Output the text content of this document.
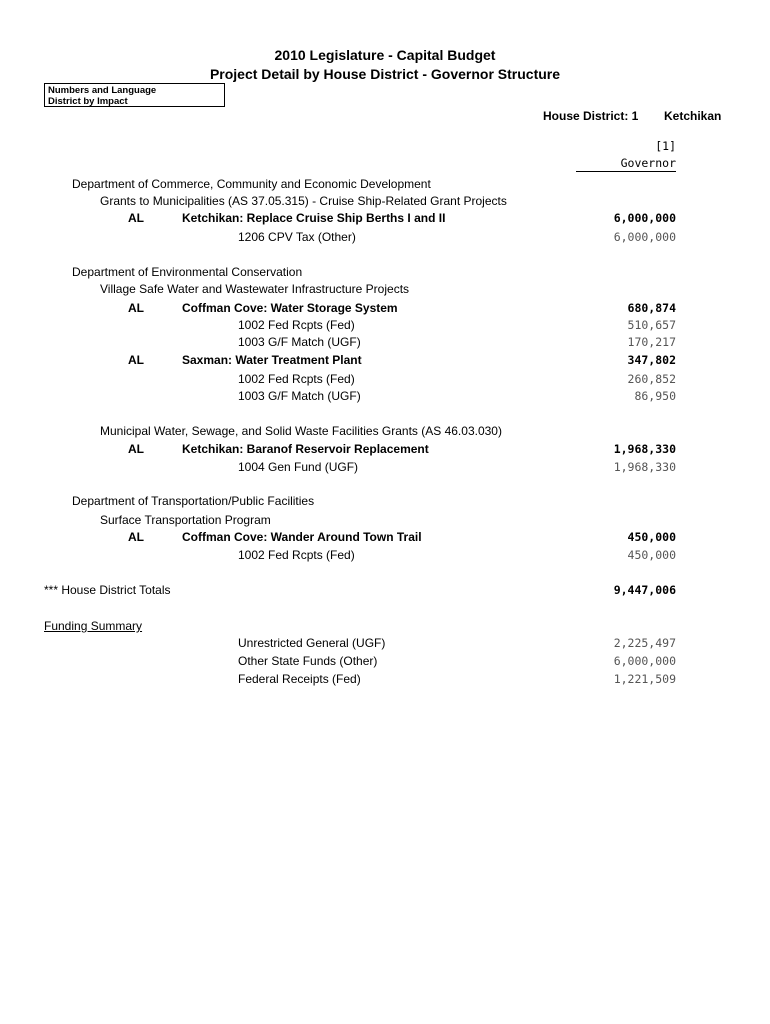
2010 Legislature - Capital Budget
Project Detail by House District - Governor Structure
Numbers and Language
District by Impact
House District: 1 Ketchikan
[1]
Governor
Department of Commerce, Community and Economic Development
Grants to Municipalities (AS 37.05.315) - Cruise Ship-Related Grant Projects
AL	Ketchikan: Replace Cruise Ship Berths I and II	6,000,000
1206 CPV Tax (Other)	6,000,000
Department of Environmental Conservation
Village Safe Water and Wastewater Infrastructure Projects
AL	Coffman Cove: Water Storage System	680,874
1002 Fed Rcpts (Fed)	510,657
1003 G/F Match (UGF)	170,217
AL	Saxman: Water Treatment Plant	347,802
1002 Fed Rcpts (Fed)	260,852
1003 G/F Match (UGF)	86,950
Municipal Water, Sewage, and Solid Waste Facilities Grants (AS 46.03.030)
AL	Ketchikan: Baranof Reservoir Replacement	1,968,330
1004 Gen Fund (UGF)	1,968,330
Department of Transportation/Public Facilities
Surface Transportation Program
AL	Coffman Cove: Wander Around Town Trail	450,000
1002 Fed Rcpts (Fed)	450,000
*** House District Totals	9,447,006
Funding Summary
Unrestricted General (UGF)	2,225,497
Other State Funds (Other)	6,000,000
Federal Receipts (Fed)	1,221,509
